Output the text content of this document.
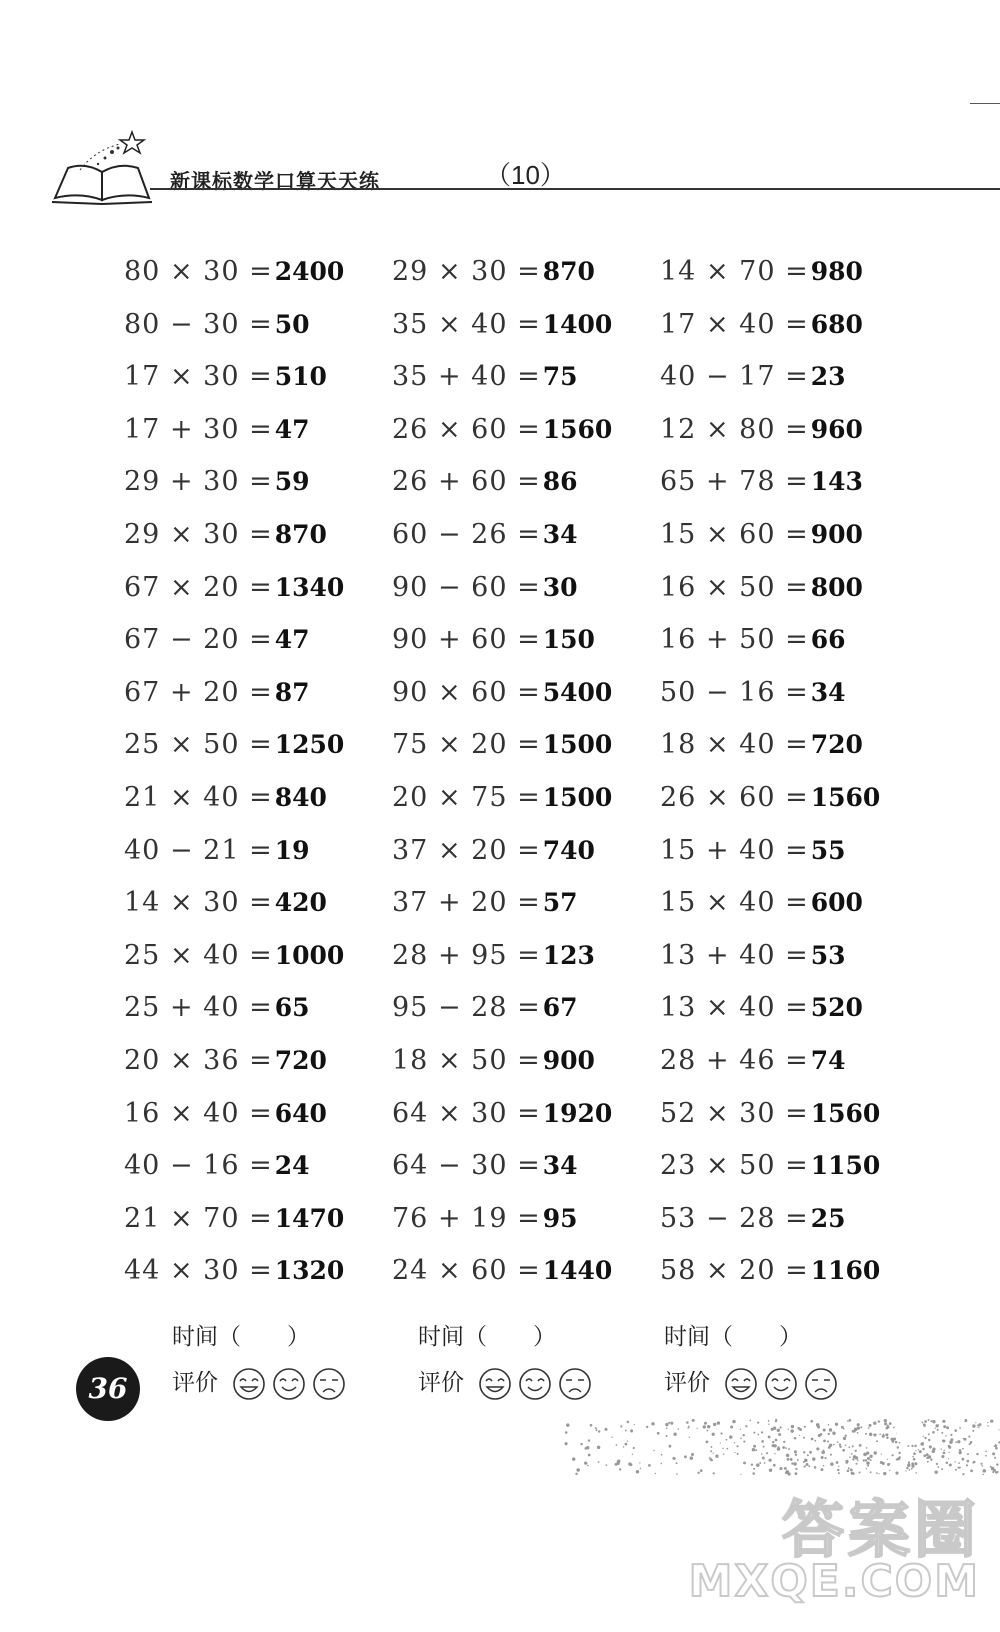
新课标数学口算天天练	（10）
80 × 30 =2400
80 − 30 =50
17 × 30 =510
17 + 30 =47
29 + 30 =59
29 × 30 =870
67 × 20 =1340
67 − 20 =47
67 + 20 =87
25 × 50 =1250
21 × 40 =840
40 − 21 =19
14 × 30 =420
25 × 40 =1000
25 + 40 =65
20 × 36 =720
16 × 40 =640
40 − 16 =24
21 × 70 =1470
44 × 30 =1320
29 × 30 =870
35 × 40 =1400
35 + 40 =75
26 × 60 =1560
26 + 60 =86
60 − 26 =34
90 − 60 =30
90 + 60 =150
90 × 60 =5400
75 × 20 =1500
20 × 75 =1500
37 × 20 =740
37 + 20 =57
28 + 95 =123
95 − 28 =67
18 × 50 =900
64 × 30 =1920
64 − 30 =34
76 + 19 =95
24 × 60 =1440
14 × 70 =980
17 × 40 =680
40 − 17 =23
12 × 80 =960
65 + 78 =143
15 × 60 =900
16 × 50 =800
16 + 50 =66
50 − 16 =34
18 × 40 =720
26 × 60 =1560
15 + 40 =55
15 × 40 =600
13 + 40 =53
13 × 40 =520
28 + 46 =74
52 × 30 =1560
23 × 50 =1150
53 − 28 =25
58 × 20 =1160
时间（　　）
评价
时间（　　）
评价
时间（　　）
评价
36
答案圈
MXQE.COM
